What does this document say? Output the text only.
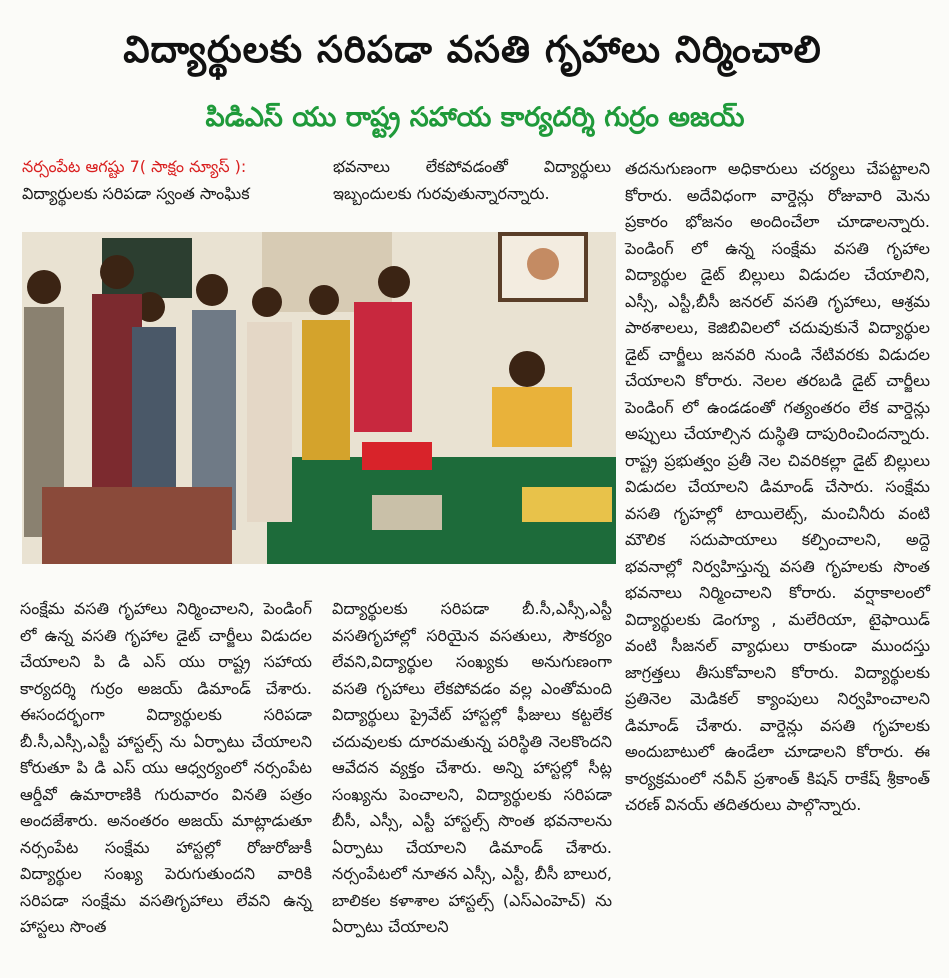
విద్యార్థులకు సరిపడా వసతి గృహాలు నిర్మించాలి
పిడిఎస్ యు రాష్ట్ర సహాయ కార్యదర్శి గుర్రం అజయ్

నర్సంపేట ఆగష్టు 7( సాక్షం న్యూస్ ):

విద్యార్థులకు సరిపడా స్వంత సాంఘిక

భవనాలు లేకపోవడంతో విద్యార్థులు ఇబ్బందులకు గురవుతున్నారన్నారు.

తదనుగుణంగా అధికారులు చర్యలు చేపట్టాలని కోరారు. అదేవిధంగా వార్డెన్లు రోజువారి మెను ప్రకారం భోజనం అందించేలా చూడాలన్నారు. పెండింగ్ లో ఉన్న సంక్షేమ వసతి గృహాల విద్యార్థుల డైట్ బిల్లులు విడుదల చేయాలిని, ఎస్సీ, ఎస్టీ,బీసీ జనరల్ వసతి గృహాలు, ఆశ్రమ పాఠశాలలు, కెజిబివిలలో చదువుకునే విద్యార్థుల డైట్ చార్జీలు జనవరి నుండి నేటివరకు విడుదల చేయాలని కోరారు. నెలల తరబడి డైట్ చార్జీలు పెండింగ్ లో ఉండడంతో గత్యంతరం లేక వార్డెన్లు అప్పులు చేయాల్సిన దుస్థితి దాపురించిందన్నారు. రాష్ట్ర ప్రభుత్వం ప్రతీ నెల చివరికల్లా డైట్ బిల్లులు విడుదల చేయాలని డిమాండ్ చేసారు. సంక్షేమ వసతి గృహల్లో టాయిలెట్స్, మంచినీరు వంటి మౌలిక సదుపాయాలు కల్పించాలని, అద్దె భవనాల్లో నిర్వహిస్తున్న వసతి గృహలకు సొంత భవనాలు నిర్మించాలని కోరారు. వర్షాకాలంలో విద్యార్థులకు డెంగ్యూ , మలేరియా, టైఫాయిడ్ వంటి సీజనల్ వ్యాధులు రాకుండా ముందస్తు జాగ్రత్తలు తీసుకోవాలని కోరారు. విద్యార్థులకు ప్రతినెల మెడికల్ క్యాంపులు నిర్వహించాలని డిమాండ్ చేశారు. వార్డెన్లు వసతి గృహలకు అందుబాటులో ఉండేలా చూడాలని కోరారు. ఈ కార్యక్రమంలో నవీన్ ప్రశాంత్ కిషన్ రాకేష్ శ్రీకాంత్ చరణ్ వినయ్ తదితరులు పాల్గొన్నారు.

సంక్షేమ వసతి గృహాలు నిర్మించాలని, పెండింగ్ లో ఉన్న వసతి గృహాల డైట్ చార్జీలు విడుదల చేయాలని పి డి ఎస్ యు రాష్ట్ర సహాయ కార్యదర్శి గుర్రం అజయ్ డిమాండ్ చేశారు. ఈసందర్భంగా విద్యార్థులకు సరిపడా బీ.సీ,ఎస్సీ,ఎస్టీ హాస్టల్స్ ను ఏర్పాటు చేయాలని కోరుతూ పి డి ఎస్ యు ఆధ్వర్యంలో నర్సంపేట ఆర్డీవో ఉమారాణికి గురువారం వినతి పత్రం అందజేశారు. అనంతరం అజయ్ మాట్లాడుతూ నర్సంపేట సంక్షేమ హాస్టల్లో రోజురోజుకీ విద్యార్థుల సంఖ్య పెరుగుతుందని వారికి సరిపడా సంక్షేమ వసతిగృహాలు లేవని ఉన్న హాస్టలు సొంత

విద్యార్థులకు సరిపడా బీ.సీ,ఎస్సీ,ఎస్టీ వసతిగృహాల్లో సరియైన వసతులు, సౌకర్యం లేవని,విద్యార్థుల సంఖ్యకు అనుగుణంగా వసతి గృహాలు లేకపోవడం వల్ల ఎంతోమంది విద్యార్థులు ప్రైవేట్ హాస్టల్లో ఫీజులు కట్టలేక చదువులకు దూరమతున్న పరిస్థితి నెలకొందని ఆవేదన వ్యక్తం చేశారు. అన్ని హాస్టల్లో సీట్ల సంఖ్యను పెంచాలని, విద్యార్థులకు సరిపడా బీసీ, ఎస్సీ, ఎస్టీ హాస్టల్స్ సొంత భవనాలను ఏర్పాటు చేయాలని డిమాండ్ చేశారు. నర్సంపేటలో నూతన ఎస్సీ, ఎస్టీ, బీసీ బాలుర, బాలికల కళాశాల హాస్టల్స్ (ఎస్ఎంహెచ్) ను ఏర్పాటు చేయాలని
